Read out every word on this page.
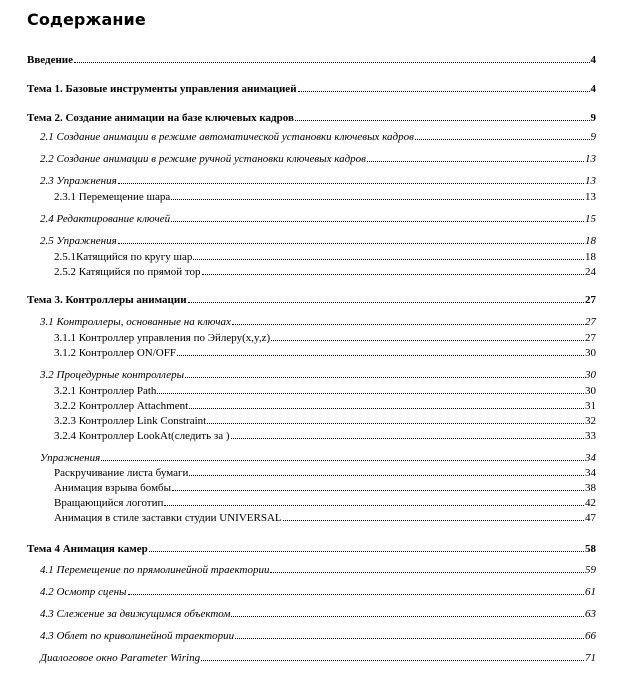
Содержание
Введение	4
Тема 1. Базовые инструменты управления анимацией	4
Тема 2. Создание анимации на базе ключевых кадров	9
2.1 Создание анимации в режиме автоматической установки ключевых кадров	9
2.2 Создание анимации в режиме ручной установки ключевых кадров	13
2.3 Упражнения	13
2.3.1 Перемещение шара	13
2.4 Редактирование ключей	15
2.5 Упражнения	18
2.5.1Катящийся по кругу шар	18
2.5.2 Катящийся по прямой тор	24
Тема 3. Контроллеры анимации	27
3.1 Контроллеры, основанные на ключах	27
3.1.1 Контроллер управления по Эйлеру(x,y,z)	27
3.1.2 Контроллер ON/OFF	30
3.2 Процедурные контроллеры	30
3.2.1 Контроллер Path	30
3.2.2 Контроллер Attachment	31
3.2.3 Контроллер Link Constraint	32
3.2.4 Контроллер LookAt(следить за )	33
Упражнения	34
Раскручивание листа бумаги	34
Анимация взрыва бомбы	38
Вращающийся логотип	42
Анимация в стиле заставки студии UNIVERSAL	47
Тема 4 Анимация камер	58
4.1 Перемещение по прямолинейной траектории	59
4.2 Осмотр сцены	61
4.3 Слежение за движущимся объектом	63
4.3 Облет по криволинейной траектории	66
Диалоговое окно Parameter Wiring	71
